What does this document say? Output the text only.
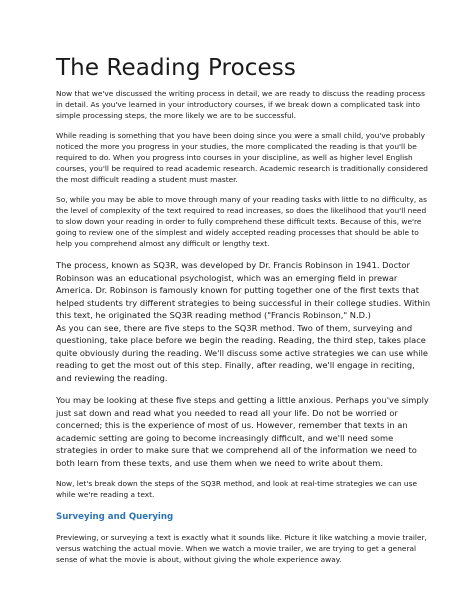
The Reading Process

Now that we've discussed the writing process in detail, we are ready to discuss the reading process in detail. As you've learned in your introductory courses, if we break down a complicated task into simple processing steps, the more likely we are to be successful.

While reading is something that you have been doing since you were a small child, you've probably noticed the more you progress in your studies, the more complicated the reading is that you'll be required to do. When you progress into courses in your discipline, as well as higher level English courses, you'll be required to read academic research. Academic research is traditionally considered the most difficult reading a student must master.

So, while you may be able to move through many of your reading tasks with little to no difficulty, as the level of complexity of the text required to read increases, so does the likelihood that you'll need to slow down your reading in order to fully comprehend these difficult texts. Because of this, we're going to review one of the simplest and widely accepted reading processes that should be able to help you comprehend almost any difficult or lengthy text.

The process, known as SQ3R, was developed by Dr. Francis Robinson in 1941. Doctor Robinson was an educational psychologist, which was an emerging field in prewar America. Dr. Robinson is famously known for putting together one of the first texts that helped students try different strategies to being successful in their college studies. Within this text, he originated the SQ3R reading method ("Francis Robinson," N.D.)

As you can see, there are five steps to the SQ3R method. Two of them, surveying and questioning, take place before we begin the reading. Reading, the third step, takes place quite obviously during the reading. We'll discuss some active strategies we can use while reading to get the most out of this step. Finally, after reading, we'll engage in reciting, and reviewing the reading.

You may be looking at these five steps and getting a little anxious. Perhaps you've simply just sat down and read what you needed to read all your life. Do not be worried or concerned; this is the experience of most of us. However, remember that texts in an academic setting are going to become increasingly difficult, and we'll need some strategies in order to make sure that we comprehend all of the information we need to both learn from these texts, and use them when we need to write about them.

Now, let's break down the steps of the SQ3R method, and look at real-time strategies we can use while we're reading a text.

Surveying and Querying

Previewing, or surveying a text is exactly what it sounds like. Picture it like watching a movie trailer, versus watching the actual movie. When we watch a movie trailer, we are trying to get a general sense of what the movie is about, without giving the whole experience away.
